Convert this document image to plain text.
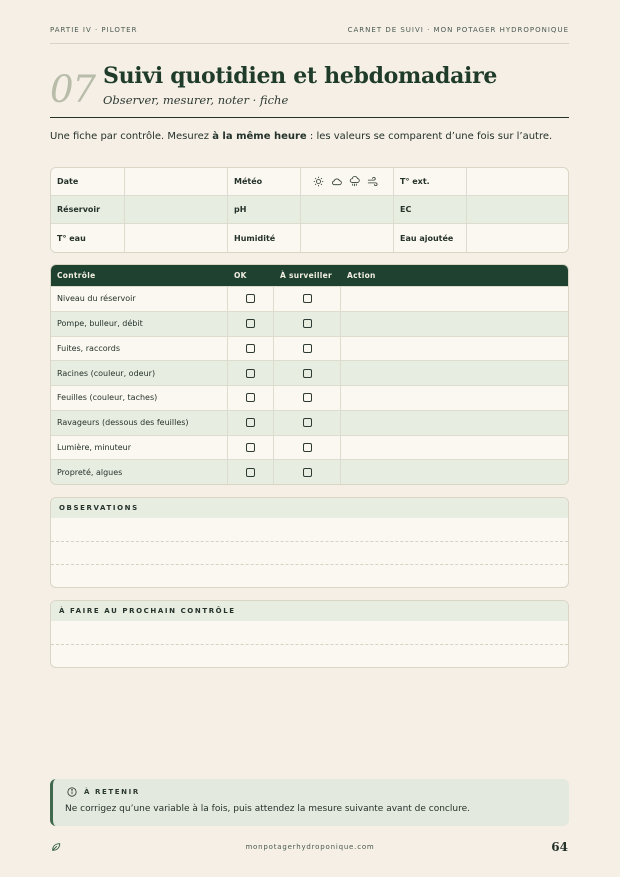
PARTIE IV · PILOTER	CARNET DE SUIVI · MON POTAGER HYDROPONIQUE
07 Suivi quotidien et hebdomadaire
Observer, mesurer, noter · fiche

Une fiche par contrôle. Mesurez à la même heure : les valeurs se comparent d’une fois sur l’autre.

Date	Météo	T° ext.
Réservoir	pH	EC
T° eau	Humidité	Eau ajoutée
Contrôle	OK	À surveiller	Action
Niveau du réservoir
Pompe, bulleur, débit
Fuites, raccords
Racines (couleur, odeur)
Feuilles (couleur, taches)
Ravageurs (dessous des feuilles)
Lumière, minuteur
Propreté, algues
OBSERVATIONS
À FAIRE AU PROCHAIN CONTRÔLE
À RETENIR
Ne corrigez qu’une variable à la fois, puis attendez la mesure suivante avant de conclure.
monpotagerhydroponique.com	64
